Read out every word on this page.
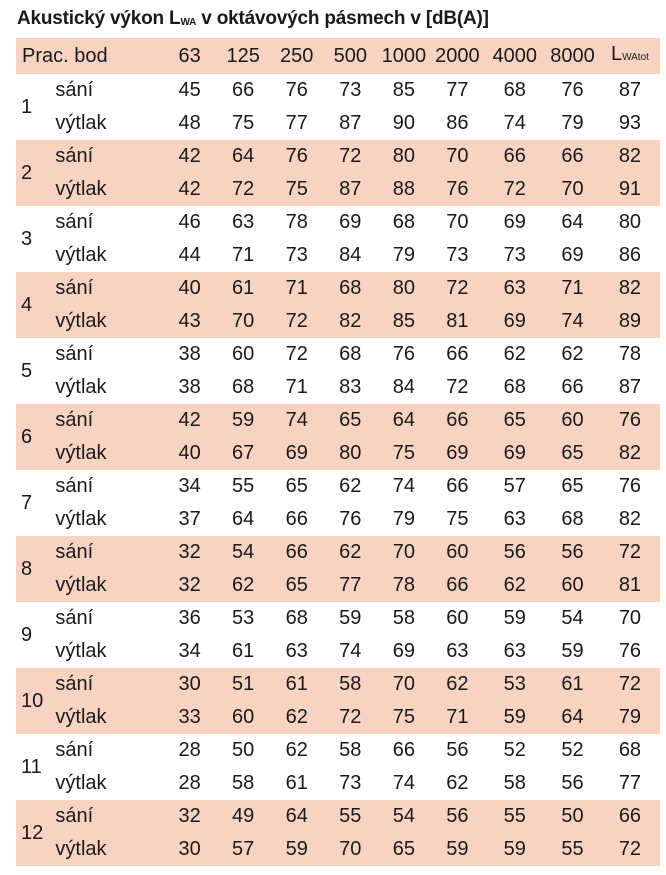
Akustický výkon $L_{WA}$ v oktávových pásmech v [dB(A)]
Prac. bod		63	125	250	500	1000	2000	4000	8000	LWAtot
1	sání	45	66	76	73	85	77	68	76	87
	výtlak	48	75	77	87	90	86	74	79	93
2	sání	42	64	76	72	80	70	66	66	82
	výtlak	42	72	75	87	88	76	72	70	91
3	sání	46	63	78	69	68	70	69	64	80
	výtlak	44	71	73	84	79	73	73	69	86
4	sání	40	61	71	68	80	72	63	71	82
	výtlak	43	70	72	82	85	81	69	74	89
5	sání	38	60	72	68	76	66	62	62	78
	výtlak	38	68	71	83	84	72	68	66	87
6	sání	42	59	74	65	64	66	65	60	76
	výtlak	40	67	69	80	75	69	69	65	82
7	sání	34	55	65	62	74	66	57	65	76
	výtlak	37	64	66	76	79	75	63	68	82
8	sání	32	54	66	62	70	60	56	56	72
	výtlak	32	62	65	77	78	66	62	60	81
9	sání	36	53	68	59	58	60	59	54	70
	výtlak	34	61	63	74	69	63	63	59	76
10	sání	30	51	61	58	70	62	53	61	72
	výtlak	33	60	62	72	75	71	59	64	79
11	sání	28	50	62	58	66	56	52	52	68
	výtlak	28	58	61	73	74	62	58	56	77
12	sání	32	49	64	55	54	56	55	50	66
	výtlak	30	57	59	70	65	59	59	55	72
